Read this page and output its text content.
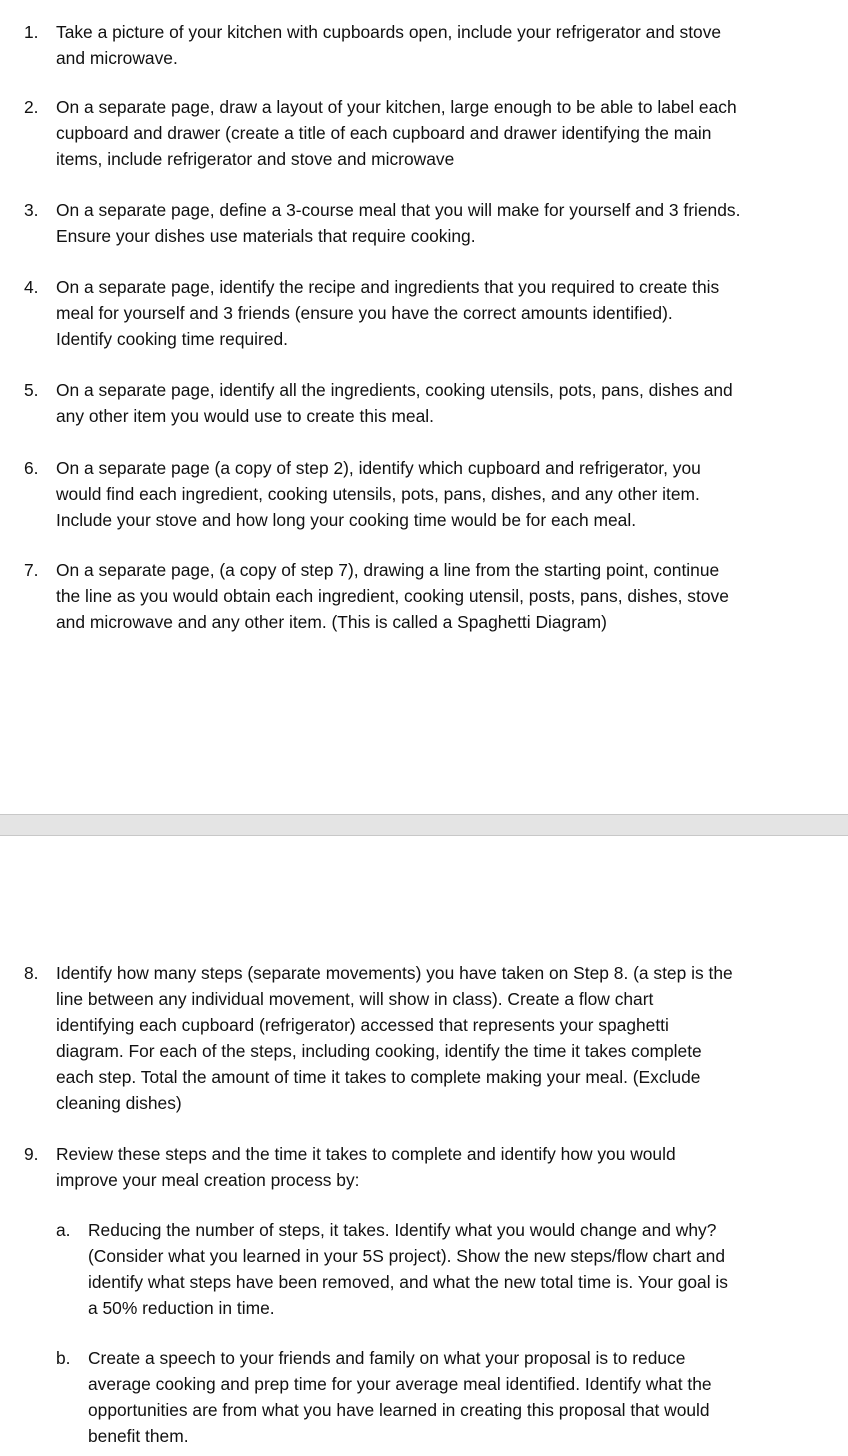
1.	Take a picture of your kitchen with cupboards open, include your refrigerator and stove
and microwave.
2.	On a separate page, draw a layout of your kitchen, large enough to be able to label each
cupboard and drawer (create a title of each cupboard and drawer identifying the main
items, include refrigerator and stove and microwave
3.	On a separate page, define a 3-course meal that you will make for yourself and 3 friends.
Ensure your dishes use materials that require cooking.
4.	On a separate page, identify the recipe and ingredients that you required to create this
meal for yourself and 3 friends (ensure you have the correct amounts identified).
Identify cooking time required.
5.	On a separate page, identify all the ingredients, cooking utensils, pots, pans, dishes and
any other item you would use to create this meal.
6.	On a separate page (a copy of step 2), identify which cupboard and refrigerator, you
would find each ingredient, cooking utensils, pots, pans, dishes, and any other item.
Include your stove and how long your cooking time would be for each meal.
7.	On a separate page, (a copy of step 7), drawing a line from the starting point, continue
the line as you would obtain each ingredient, cooking utensil, posts, pans, dishes, stove
and microwave and any other item. (This is called a Spaghetti Diagram)
8.	Identify how many steps (separate movements) you have taken on Step 8. (a step is the
line between any individual movement, will show in class). Create a flow chart
identifying each cupboard (refrigerator) accessed that represents your spaghetti
diagram. For each of the steps, including cooking, identify the time it takes complete
each step. Total the amount of time it takes to complete making your meal. (Exclude
cleaning dishes)
9.	Review these steps and the time it takes to complete and identify how you would
improve your meal creation process by:
a.	Reducing the number of steps, it takes. Identify what you would change and why?
(Consider what you learned in your 5S project). Show the new steps/flow chart and
identify what steps have been removed, and what the new total time is. Your goal is
a 50% reduction in time.
b.	Create a speech to your friends and family on what your proposal is to reduce
average cooking and prep time for your average meal identified. Identify what the
opportunities are from what you have learned in creating this proposal that would
benefit them.
